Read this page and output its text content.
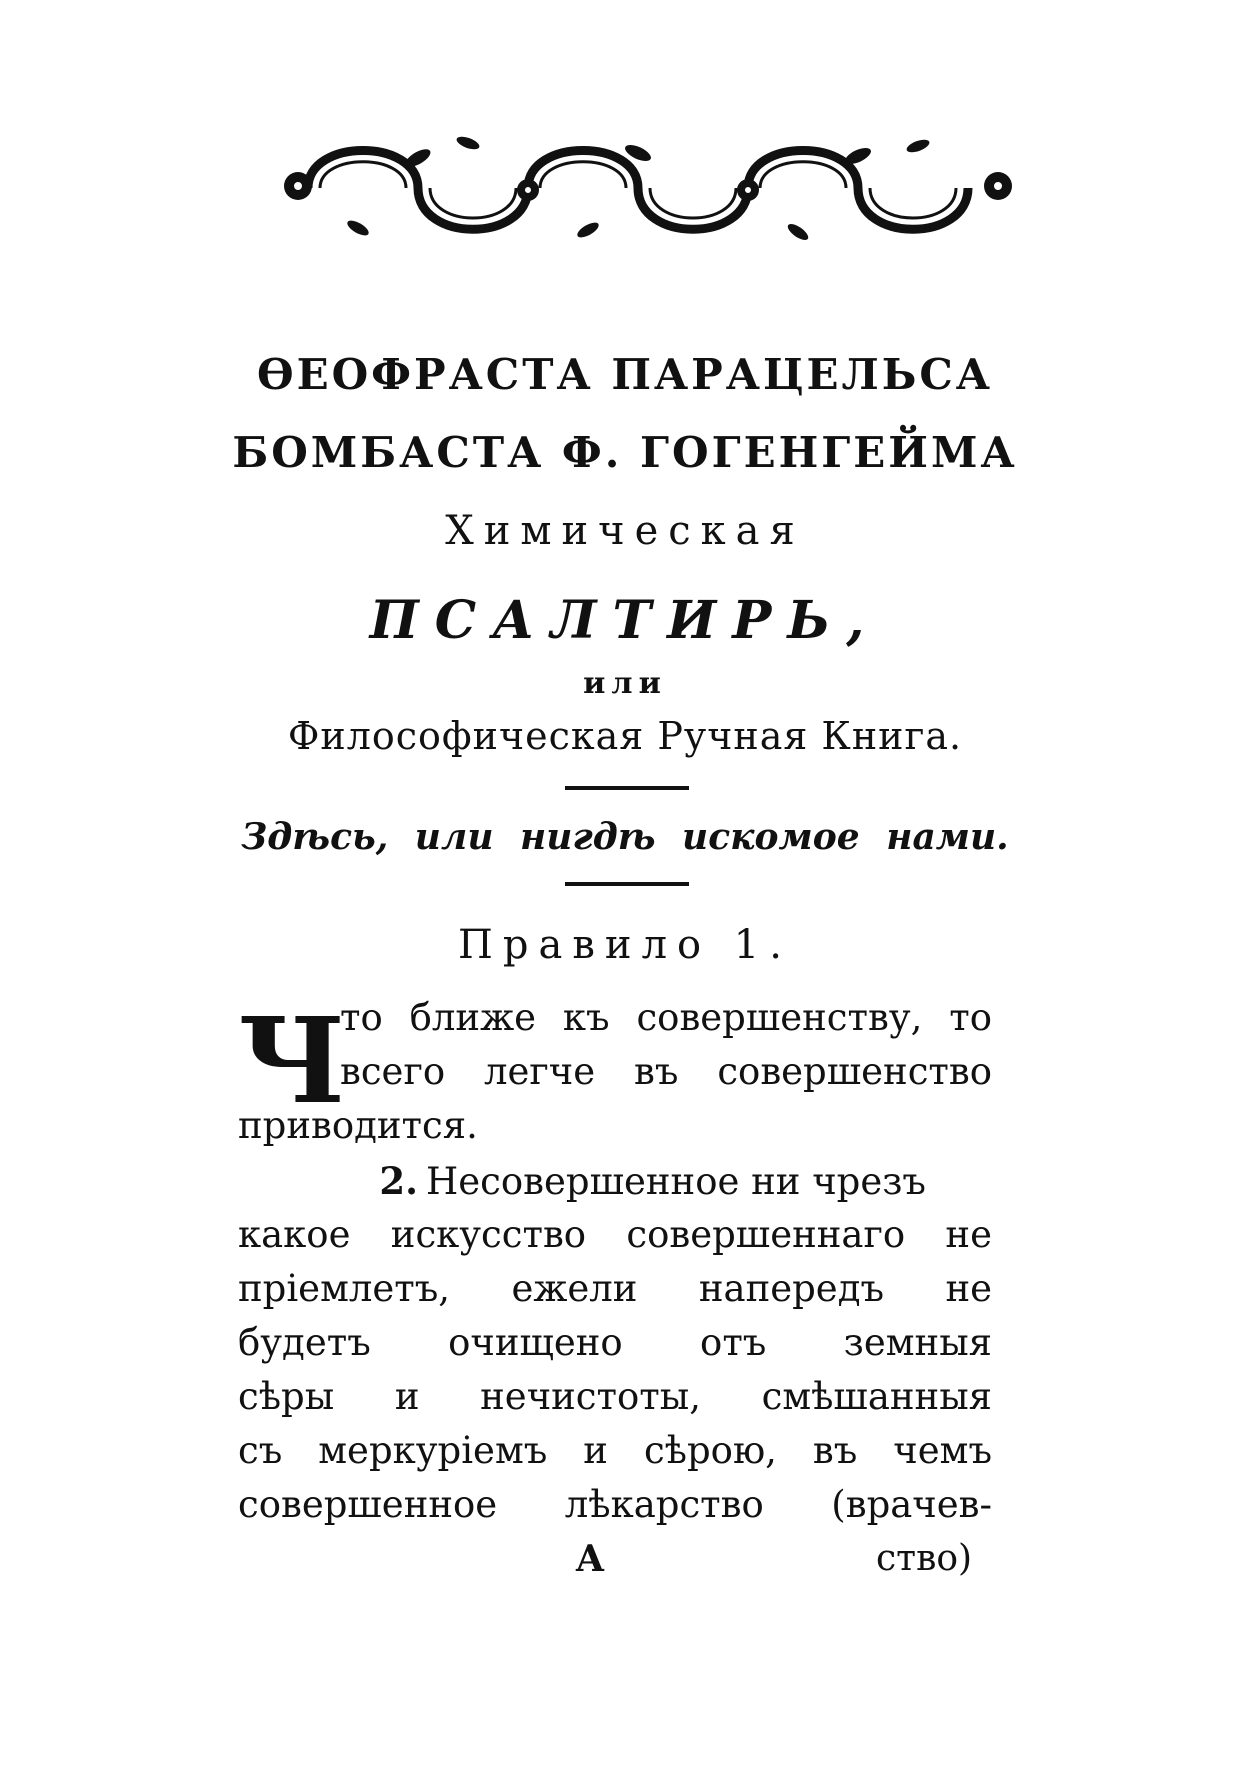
ѲЕОФРАСТА ПАРАЦЕЛЬСА
БОМБАСТА Ф. ГОГЕНГЕЙМА
Химическая
ПСАЛТИРЬ,
или
Философическая Ручная Книга.
Здѣсь, или нигдѣ искомое нами.
Правило 1.
Ч
то ближе къ совершенству, то
всего легче въ совершенство
приводится.
2. Несовершенное ни чрезъ
какое искусство совершеннаго не
пріемлетъ, ежели напередъ не
будетъ очищено отъ земныя
сѣры и нечистоты, смѣшанныя
съ меркуріемъ и сѣрою, въ чемъ
совершенное лѣкарство (врачев-
A	ство)
